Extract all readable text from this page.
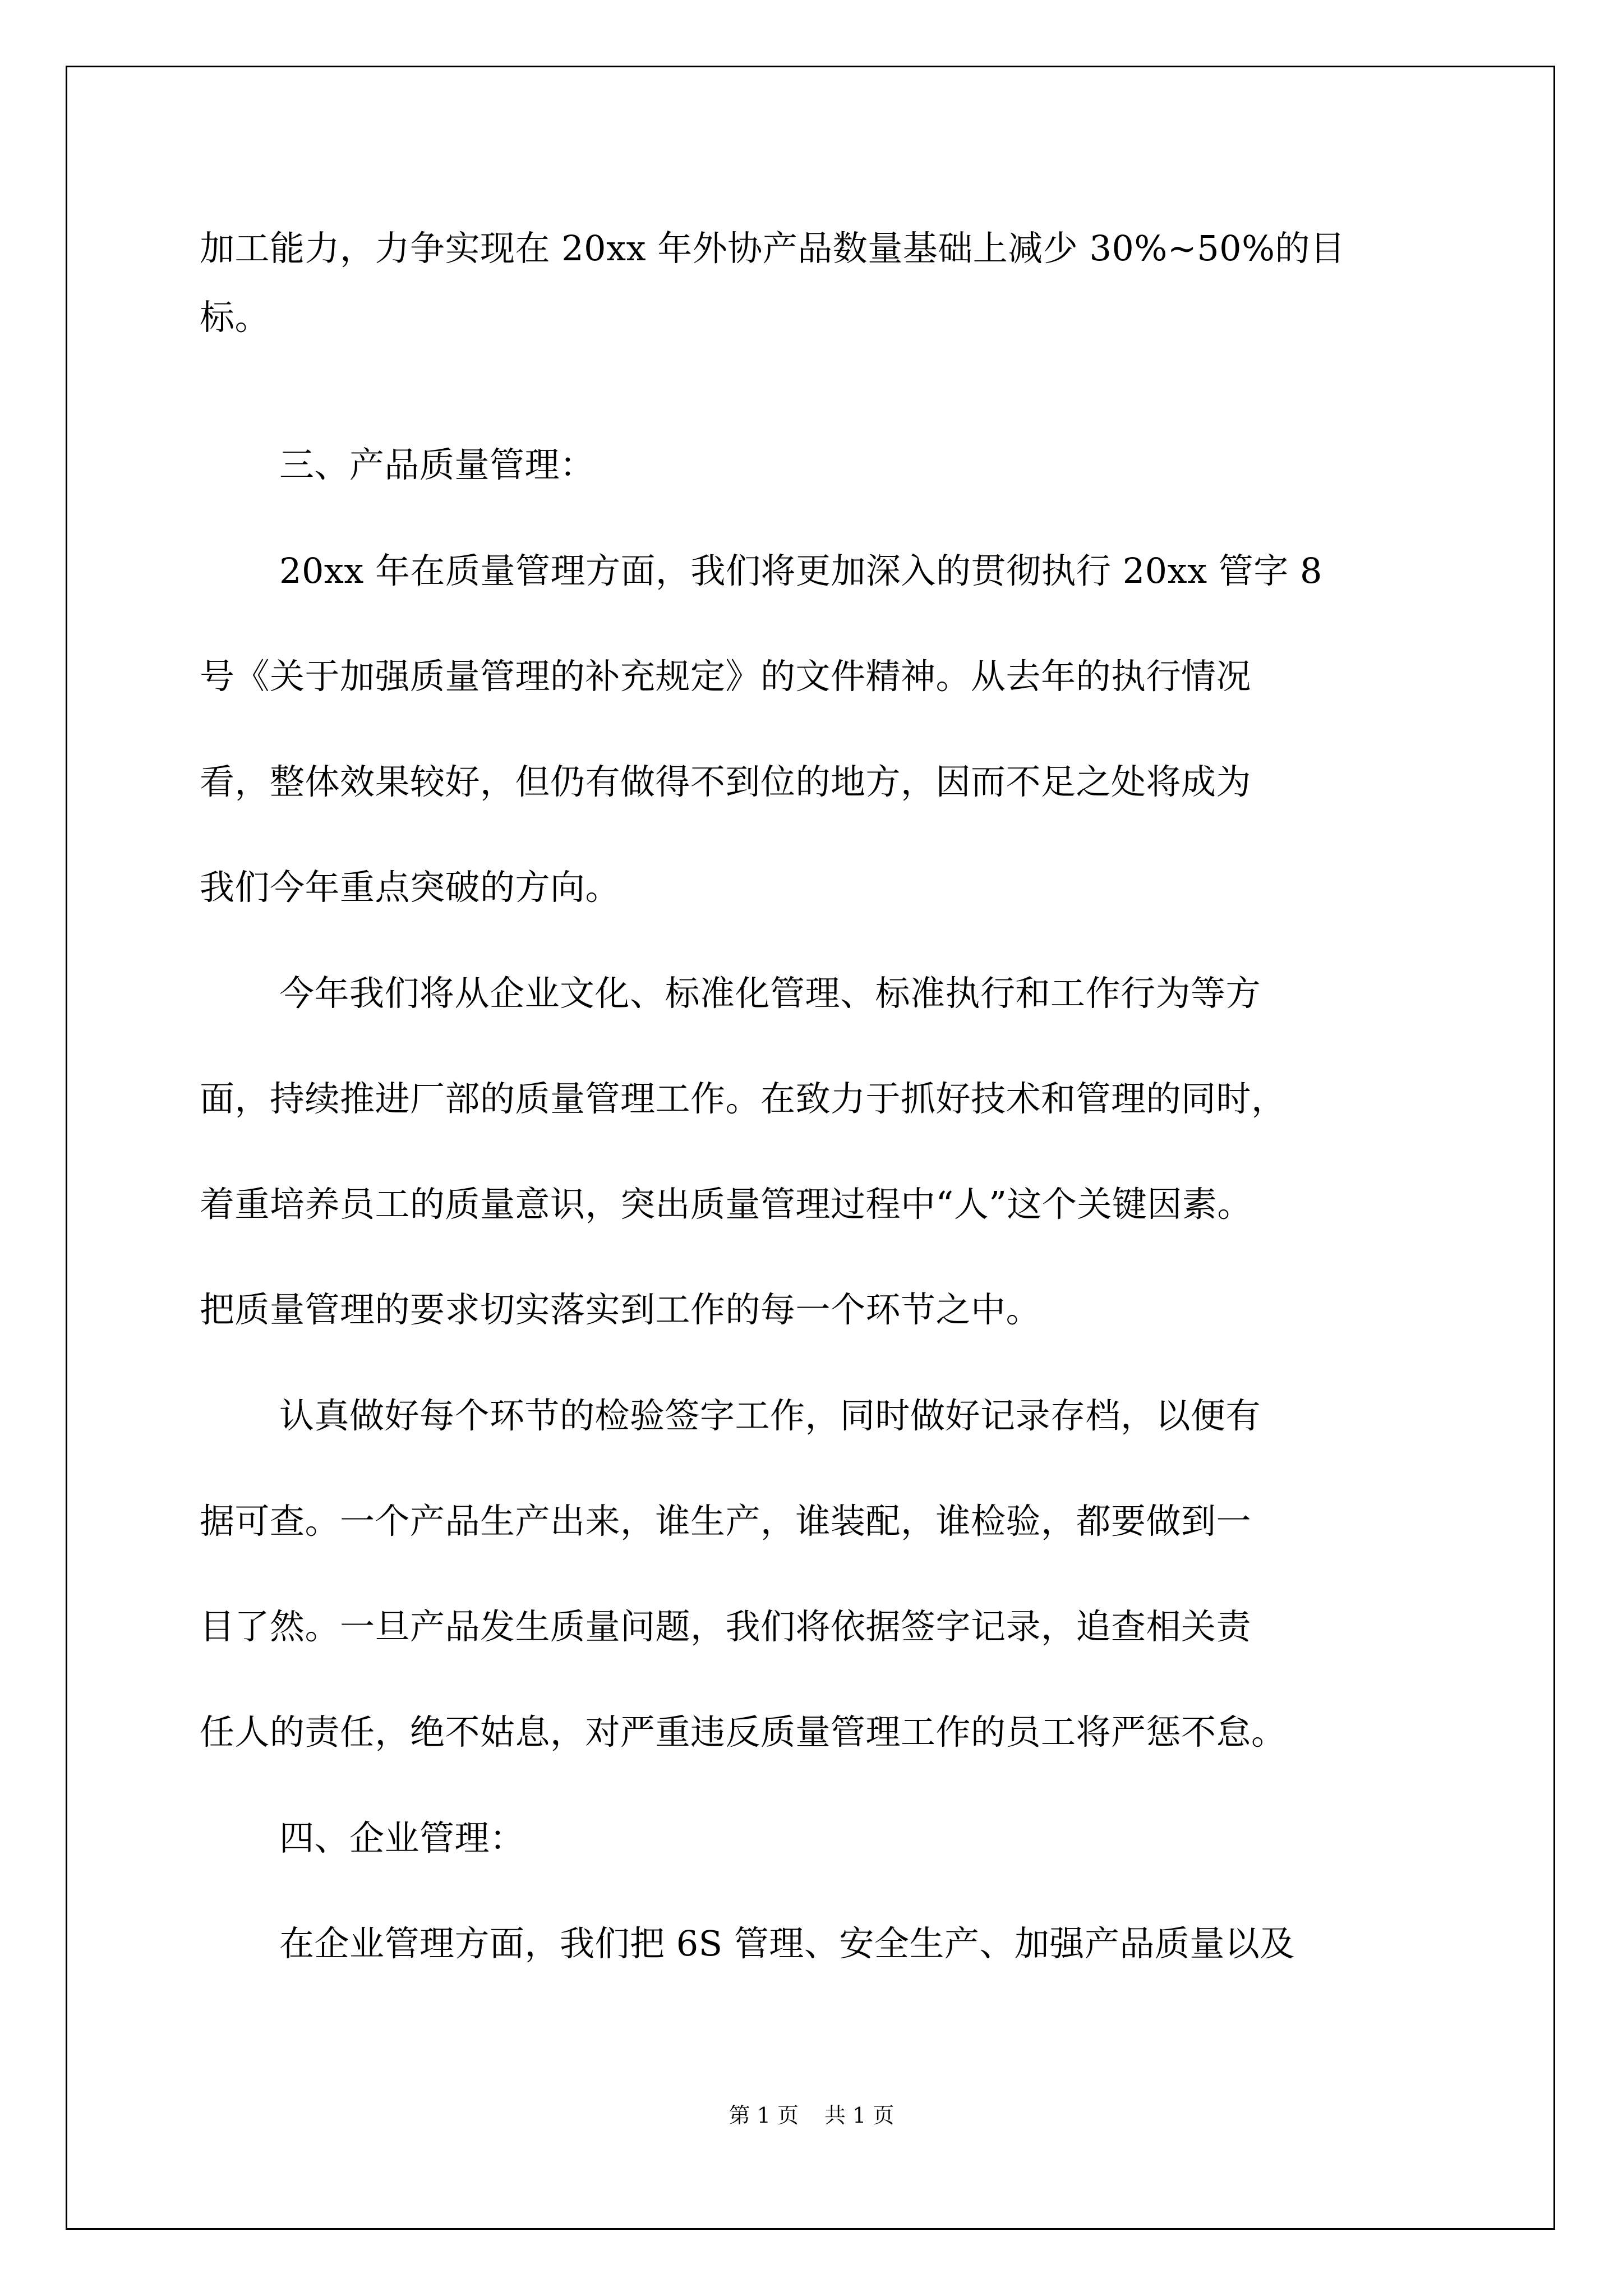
加工能力，力争实现在 20xx 年外协产品数量基础上减少 30%~50%的目
标。
三、产品质量管理：
20xx 年在质量管理方面，我们将更加深入的贯彻执行 20xx 管字 8
号《关于加强质量管理的补充规定》的文件精神。从去年的执行情况
看，整体效果较好，但仍有做得不到位的地方，因而不足之处将成为
我们今年重点突破的方向。
今年我们将从企业文化、标准化管理、标准执行和工作行为等方
面，持续推进厂部的质量管理工作。在致力于抓好技术和管理的同时，
着重培养员工的质量意识，突出质量管理过程中“人”这个关键因素。
把质量管理的要求切实落实到工作的每一个环节之中。
认真做好每个环节的检验签字工作，同时做好记录存档，以便有
据可查。一个产品生产出来，谁生产，谁装配，谁检验，都要做到一
目了然。一旦产品发生质量问题，我们将依据签字记录，追查相关责
任人的责任，绝不姑息，对严重违反质量管理工作的员工将严惩不怠。
四、企业管理：
在企业管理方面，我们把 6S 管理、安全生产、加强产品质量以及
第 1 页 共 1 页
